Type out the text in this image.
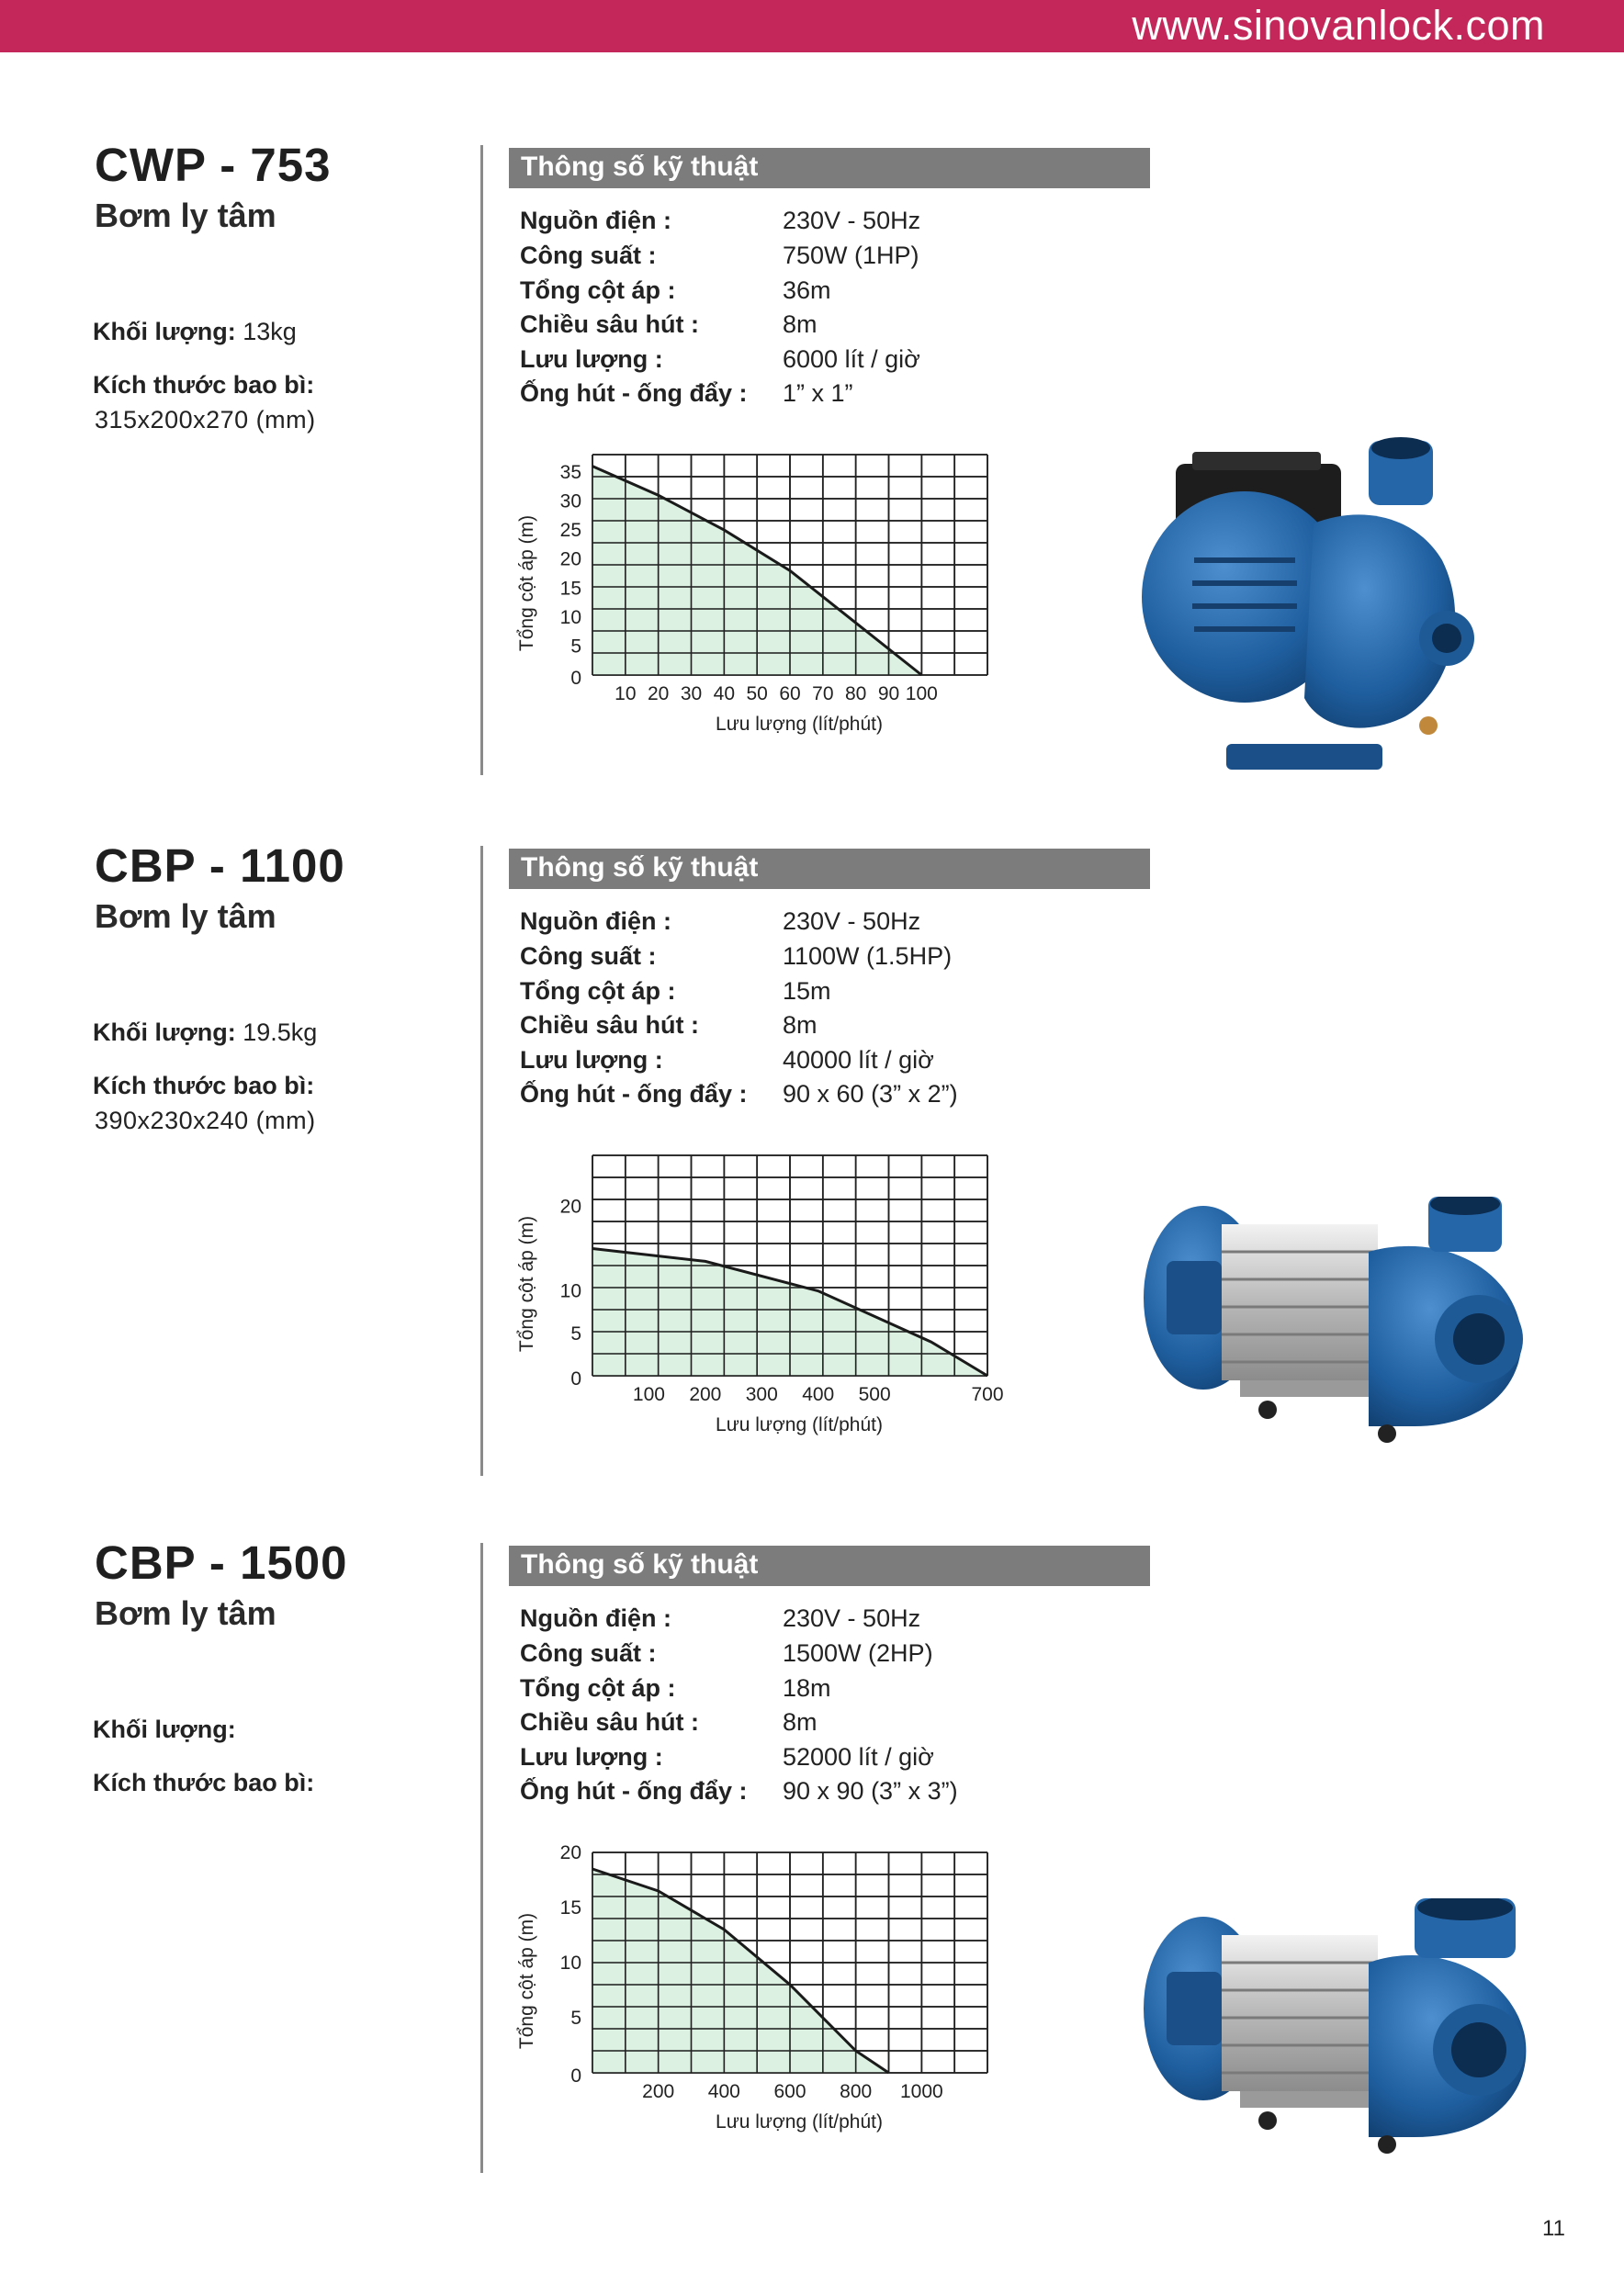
www.sinovanlock.com
CWP - 753
Bơm ly tâm
Khối lượng: 13kg
Kích thước bao bì:
315x200x270 (mm)
Thông số kỹ thuật
Nguồn điện :	230V - 50Hz
Công suất :	750W (1HP)
Tổng cột áp :	36m
Chiều sâu hút :	8m
Lưu lượng :	6000 lít / giờ
Ống hút - ống đẩy : 1” x 1”
0
5
10
15
20
25
30
35
10 20 30 40 50 60 70 80 90 100
Lưu lượng (lít/phút)
Tổng cột áp (m)
CBP - 1100
Bơm ly tâm
Khối lượng: 19.5kg
Kích thước bao bì:
390x230x240 (mm)
Thông số kỹ thuật
Nguồn điện :	230V - 50Hz
Công suất :	1100W (1.5HP)
Tổng cột áp :	15m
Chiều sâu hút :	8m
Lưu lượng :	40000 lít / giờ
Ống hút - ống đẩy : 90 x 60 (3” x 2”)
0
5
10
20
100 200 300 400 500	700
Lưu lượng (lít/phút)
Tổng cột áp (m)
CBP - 1500
Bơm ly tâm
Khối lượng:
Kích thước bao bì:
Thông số kỹ thuật
Nguồn điện :	230V - 50Hz
Công suất :	1500W (2HP)
Tổng cột áp :	18m
Chiều sâu hút :	8m
Lưu lượng :	52000 lít / giờ
Ống hút - ống đẩy : 90 x 90 (3” x 3”)
0
5
10
15
20
200 400 600 800 1000
Lưu lượng (lít/phút)
Tổng cột áp (m)
11
